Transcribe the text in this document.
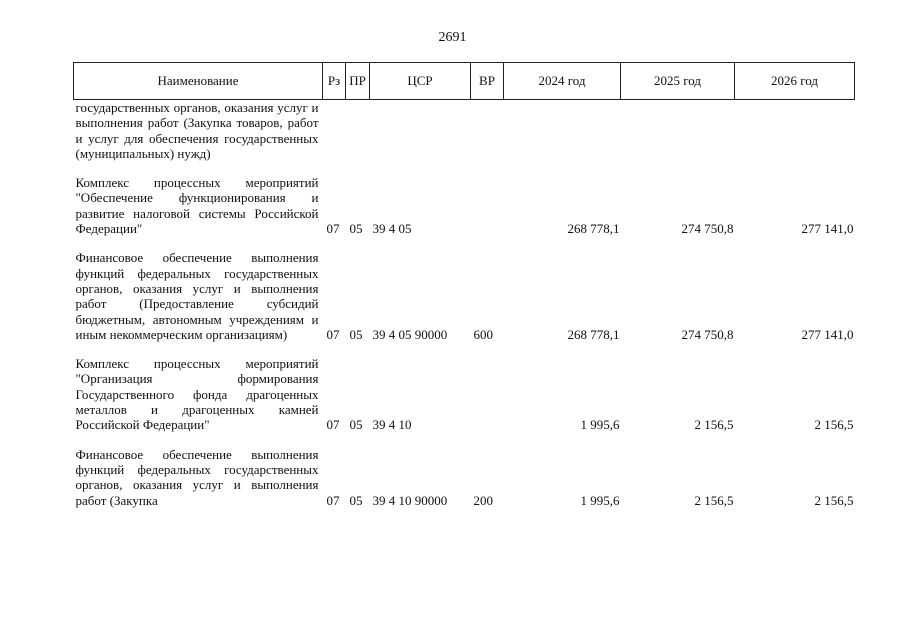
2691
Наименование	Рз	ПР	ЦСР	ВР	2024 год	2025 год	2026 год
государственных органов, оказания услуг и выполнения работ (Закупка товаров, работ и услуг для обеспечения государственных (муниципальных) нужд)							
Комплекс процессных мероприятий "Обеспечение функционирования и развитие налоговой системы Российской Федерации"	07	05	39 4 05		268 778,1	274 750,8	277 141,0
Финансовое обеспечение выполнения функций федеральных государственных органов, оказания услуг и выполнения работ (Предоставление субсидий бюджетным, автономным учреждениям и иным некоммерческим организациям)	07	05	39 4 05 90000	600	268 778,1	274 750,8	277 141,0
Комплекс процессных мероприятий "Организация формирования Государственного фонда драгоценных металлов и драгоценных камней Российской Федерации"	07	05	39 4 10		1 995,6	2 156,5	2 156,5
Финансовое обеспечение выполнения функций федеральных государственных органов, оказания услуг и выполнения работ (Закупка	07	05	39 4 10 90000	200	1 995,6	2 156,5	2 156,5
